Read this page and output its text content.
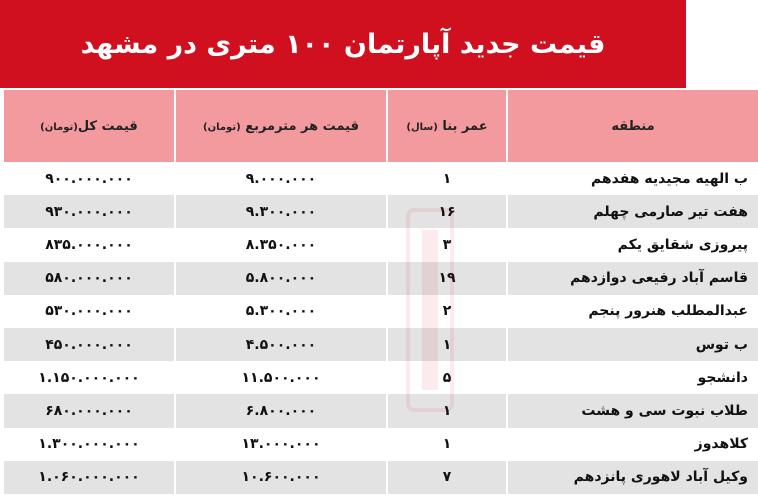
قیمت جدید آپارتمان ۱۰۰ متری در مشهد
منطقه	عمر بنا (سال)	قیمت هر مترمربع (تومان)	قیمت کل(تومان)
ب الهیه مجیدیه هفدهم	۱	۹.۰۰۰.۰۰۰	۹۰۰.۰۰۰.۰۰۰
هفت تیر صارمی چهلم	۱۶	۹.۳۰۰.۰۰۰	۹۳۰.۰۰۰.۰۰۰
پیروزی شقایق یکم	۳	۸.۳۵۰.۰۰۰	۸۳۵.۰۰۰.۰۰۰
قاسم آباد رفیعی دوازدهم	۱۹	۵.۸۰۰.۰۰۰	۵۸۰.۰۰۰.۰۰۰
عبدالمطلب هنرور پنجم	۲	۵.۳۰۰.۰۰۰	۵۳۰.۰۰۰.۰۰۰
ب توس	۱	۴.۵۰۰.۰۰۰	۴۵۰.۰۰۰.۰۰۰
دانشجو	۵	۱۱.۵۰۰.۰۰۰	۱.۱۵۰.۰۰۰.۰۰۰
طلاب نبوت سی و هشت	۱	۶.۸۰۰.۰۰۰	۶۸۰.۰۰۰.۰۰۰
کلاهدوز	۱	۱۳.۰۰۰.۰۰۰	۱.۳۰۰.۰۰۰.۰۰۰
وکیل آباد لاهوری پانزدهم	۷	۱۰.۶۰۰.۰۰۰	۱.۰۶۰.۰۰۰.۰۰۰
